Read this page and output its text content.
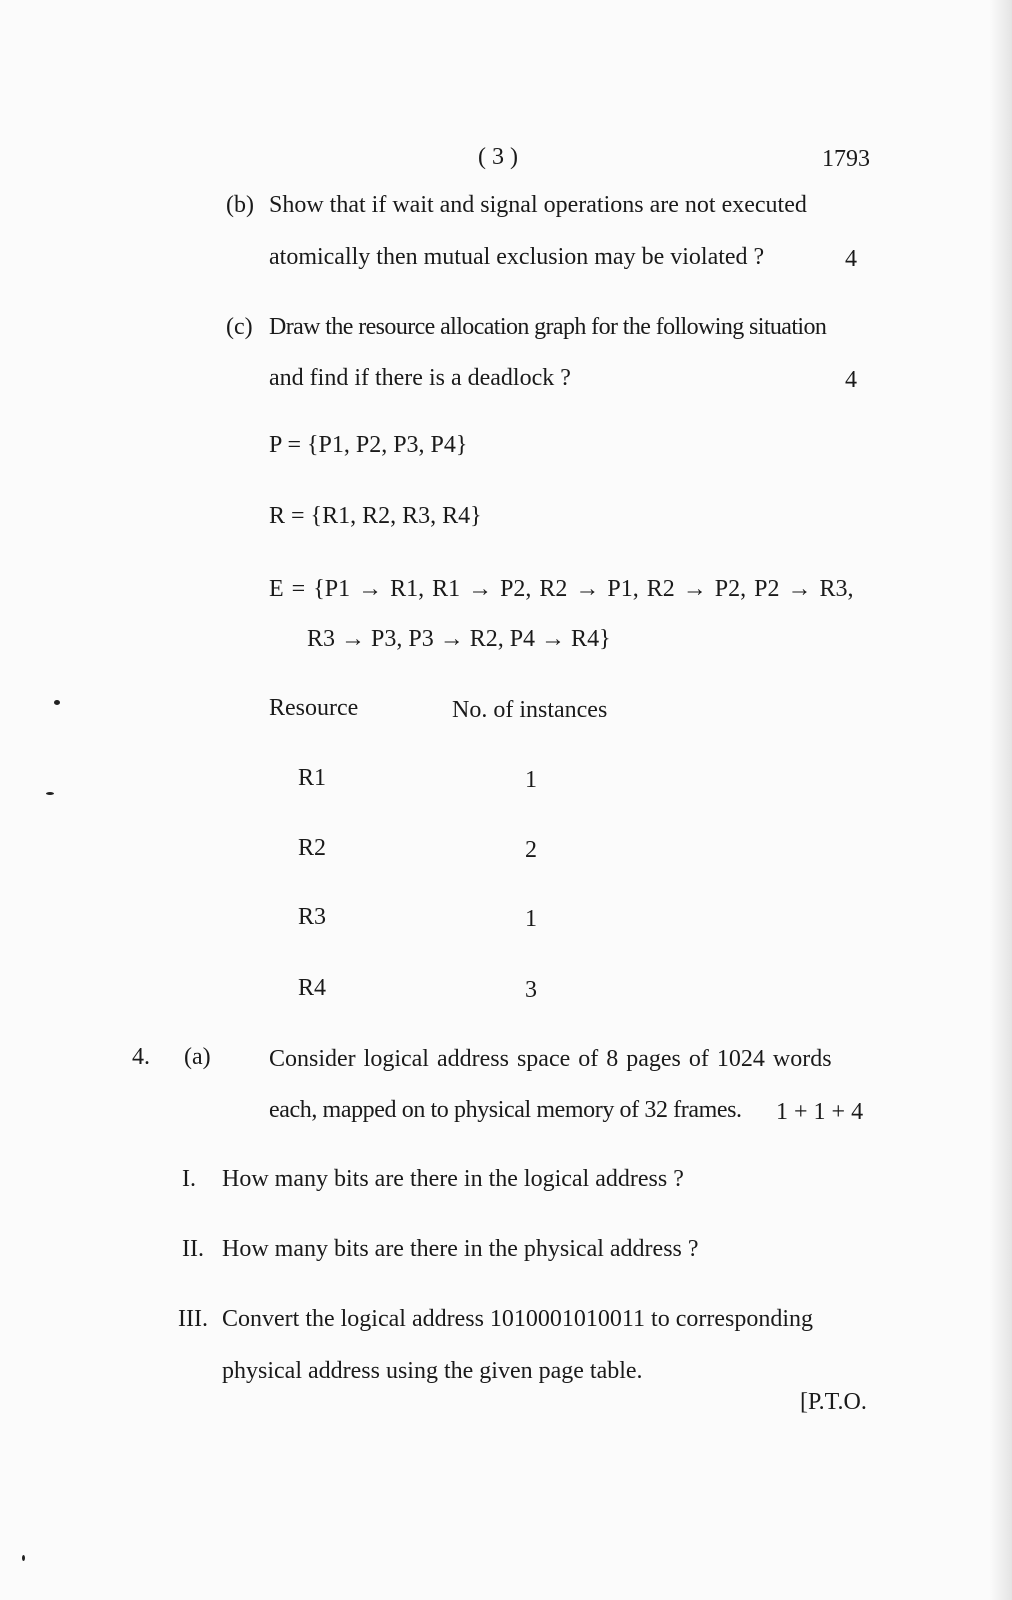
( 3 )	1793
(b) Show that if wait and signal operations are not executed
atomically then mutual exclusion may be violated ?	4
(c) Draw the resource allocation graph for the following situation
and find if there is a deadlock ?	4
P = {P1, P2, P3, P4}
R = {R1, R2, R3, R4}
E = {P1 → R1, R1 → P2, R2 → P1, R2 → P2, P2 → R3,
R3 → P3, P3 → R2, P4 → R4}
Resource	No. of instances
R1	1
R2	2
R3	1
R4	3
4. (a) Consider logical address space of 8 pages of 1024 words
each, mapped on to physical memory of 32 frames. 1 + 1 + 4
I. How many bits are there in the logical address ?
II. How many bits are there in the physical address ?
III. Convert the logical address 1010001010011 to corresponding
physical address using the given page table.
[P.T.O.
